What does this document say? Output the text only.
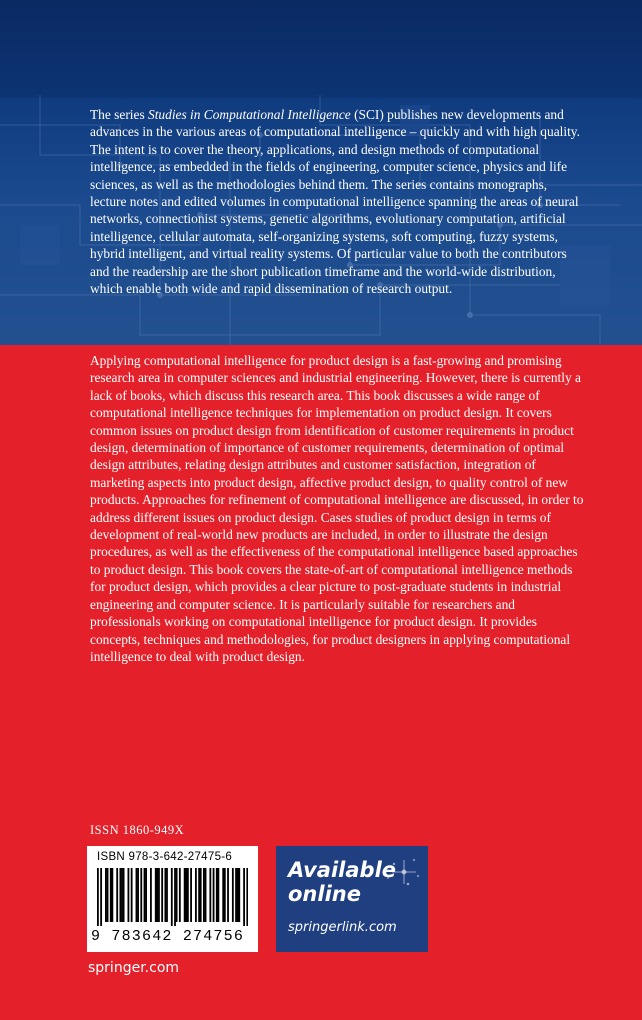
The series Studies in Computational Intelligence (SCI) publishes new developments and advances in the various areas of computational intelligence – quickly and with high quality. The intent is to cover the theory, applications, and design methods of computational intelligence, as embedded in the fields of engineering, computer science, physics and life sciences, as well as the methodologies behind them. The series contains monographs, lecture notes and edited volumes in computational intelligence spanning the areas of neural networks, connectionist systems, genetic algorithms, evolutionary computation, artificial intelligence, cellular automata, self-organizing systems, soft computing, fuzzy systems, hybrid intelligent, and virtual reality systems. Of particular value to both the contributors and the readership are the short publication timeframe and the world-wide distribution, which enable both wide and rapid dissemination of research output.

Applying computational intelligence for product design is a fast-growing and promising research area in computer sciences and industrial engineering. However, there is currently a lack of books, which discuss this research area. This book discusses a wide range of computational intelligence techniques for implementation on product design. It covers common issues on product design from identification of customer requirements in product design, determination of importance of customer requirements, determination of optimal design attributes, relating design attributes and customer satisfaction, integration of marketing aspects into product design, affective product design, to quality control of new products. Approaches for refinement of computational intelligence are discussed, in order to address different issues on product design. Cases studies of product design in terms of development of real-world new products are included, in order to illustrate the design procedures, as well as the effectiveness of the computational intelligence based approaches to product design. This book covers the state-of-art of computational intelligence methods for product design, which provides a clear picture to post-graduate students in industrial engineering and computer science. It is particularly suitable for researchers and professionals working on computational intelligence for product design. It provides concepts, techniques and methodologies, for product designers in applying computational intelligence to deal with product design.

ISSN 1860-949X
ISBN 978-3-642-27475-6
9 783642 274756
Available
online
springerlink.com
springer.com
